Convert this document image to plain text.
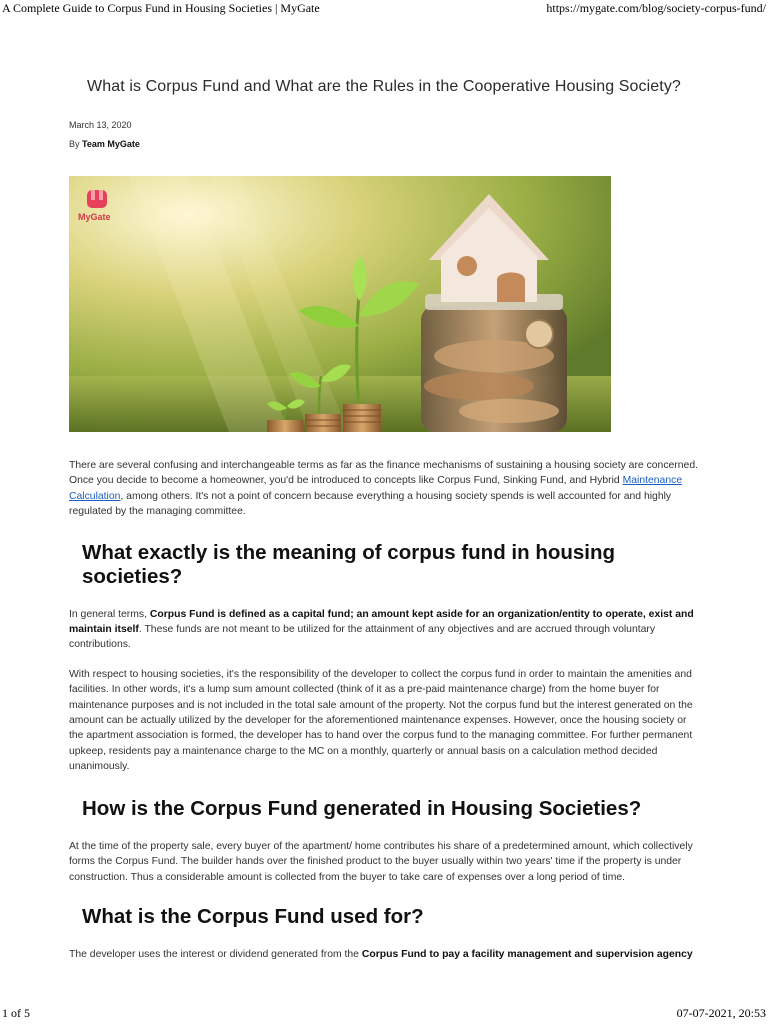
A Complete Guide to Corpus Fund in Housing Societies | MyGate	https://mygate.com/blog/society-corpus-fund/
What is Corpus Fund and What are the Rules in the Cooperative Housing Society?
March 13, 2020
By Team MyGate
MyGate

There are several confusing and interchangeable terms as far as the finance mechanisms of sustaining a housing society are concerned. Once you decide to become a homeowner, you'd be introduced to concepts like Corpus Fund, Sinking Fund, and Hybrid Maintenance Calculation, among others. It's not a point of concern because everything a housing society spends is well accounted for and highly regulated by the managing committee.

What exactly is the meaning of corpus fund in housing societies?

In general terms, Corpus Fund is defined as a capital fund; an amount kept aside for an organization/entity to operate, exist and maintain itself. These funds are not meant to be utilized for the attainment of any objectives and are accrued through voluntary contributions.

With respect to housing societies, it's the responsibility of the developer to collect the corpus fund in order to maintain the amenities and facilities. In other words, it's a lump sum amount collected (think of it as a pre-paid maintenance charge) from the home buyer for maintenance purposes and is not included in the total sale amount of the property. Not the corpus fund but the interest generated on the amount can be actually utilized by the developer for the aforementioned maintenance expenses. However, once the housing society or the apartment association is formed, the developer has to hand over the corpus fund to the managing committee. For further permanent upkeep, residents pay a maintenance charge to the MC on a monthly, quarterly or annual basis on a calculation method decided unanimously.

How is the Corpus Fund generated in Housing Societies?

At the time of the property sale, every buyer of the apartment/ home contributes his share of a predetermined amount, which collectively forms the Corpus Fund. The builder hands over the finished product to the buyer usually within two years' time if the property is under construction. Thus a considerable amount is collected from the buyer to take care of expenses over a long period of time.

What is the Corpus Fund used for?

The developer uses the interest or dividend generated from the Corpus Fund to pay a facility management and supervision agency

1 of 5	07-07-2021, 20:53
